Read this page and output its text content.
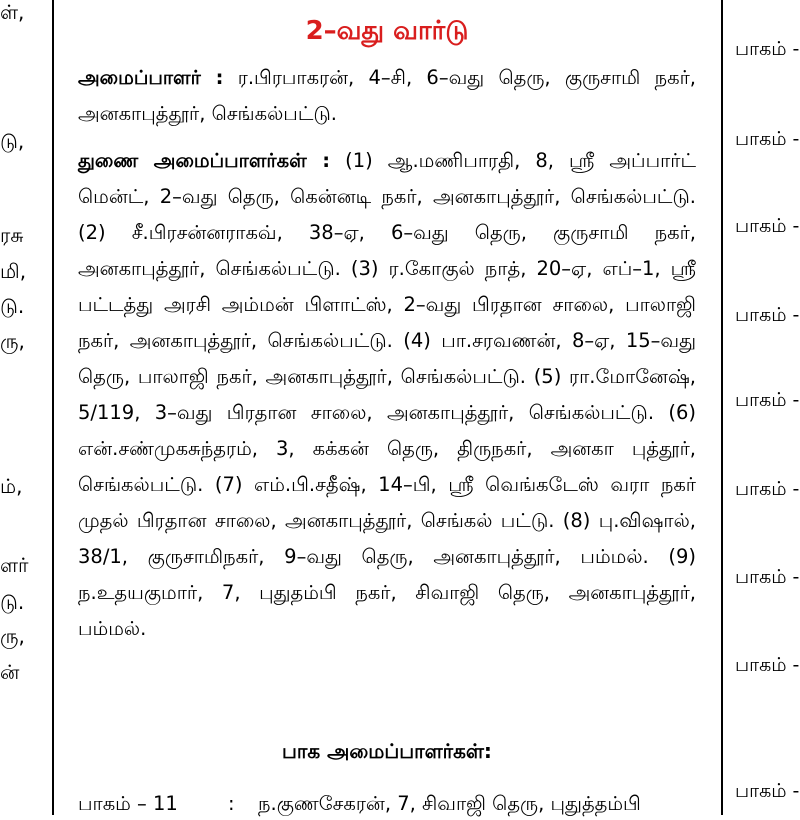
ள்,
டு,
ரசு
மி,
டு.
ரு,
ம்,
ளர்
டு.
ரு,
ன்
2–வது வார்டு
அமைப்பாளர் : ர.பிரபாகரன், 4–சி, 6–வது தெரு, குருசாமி நகர், அனகாபுத்தூர், செங்கல்பட்டு.
துணை அமைப்பாளர்கள் : (1) ஆ.மணிபாரதி, 8, ஸ்ரீ அப்பார்ட் மென்ட், 2–வது தெரு, கென்னடி நகர், அனகாபுத்தூர், செங்கல்பட்டு. (2) சீ.பிரசன்னராகவ், 38–ஏ, 6–வது தெரு, குருசாமி நகர், அனகாபுத்தூர், செங்கல்பட்டு. (3) ர.கோகுல் நாத், 20–ஏ, எப்–1, ஸ்ரீ பட்டத்து அரசி அம்மன் பிளாட்ஸ், 2–வது பிரதான சாலை, பாலாஜி நகர், அனகாபுத்தூர், செங்கல்பட்டு. (4) பா.சரவணன், 8–ஏ, 15–வது தெரு, பாலாஜி நகர், அனகாபுத்தூர், செங்கல்பட்டு. (5) ரா.மோனேஷ், 5/119, 3–வது பிரதான சாலை, அனகாபுத்தூர், செங்கல்பட்டு. (6) என்.சண்முகசுந்தரம், 3, கக்கன் தெரு, திருநகர், அனகா புத்தூர், செங்கல்பட்டு. (7) எம்.பி.சதீஷ், 14–பி, ஸ்ரீ வெங்கடேஸ் வரா நகர் முதல் பிரதான சாலை, அனகாபுத்தூர், செங்கல் பட்டு. (8) பு.விஷால், 38/1, குருசாமிநகர், 9–வது தெரு, அனகாபுத்தூர், பம்மல். (9) ந.உதயகுமார், 7, புதுதம்பி நகர், சிவாஜி தெரு, அனகாபுத்தூர், பம்மல்.
பாக அமைப்பாளர்கள்:
பாகம் – 11	: ந.குணசேகரன், 7, சிவாஜி தெரு, புதுத்தம்பி
பாகம் -
பாகம் -
பாகம் -
பாகம் -
பாகம் -
பாகம் -
பாகம் -
பாகம் -
பாகம் -
